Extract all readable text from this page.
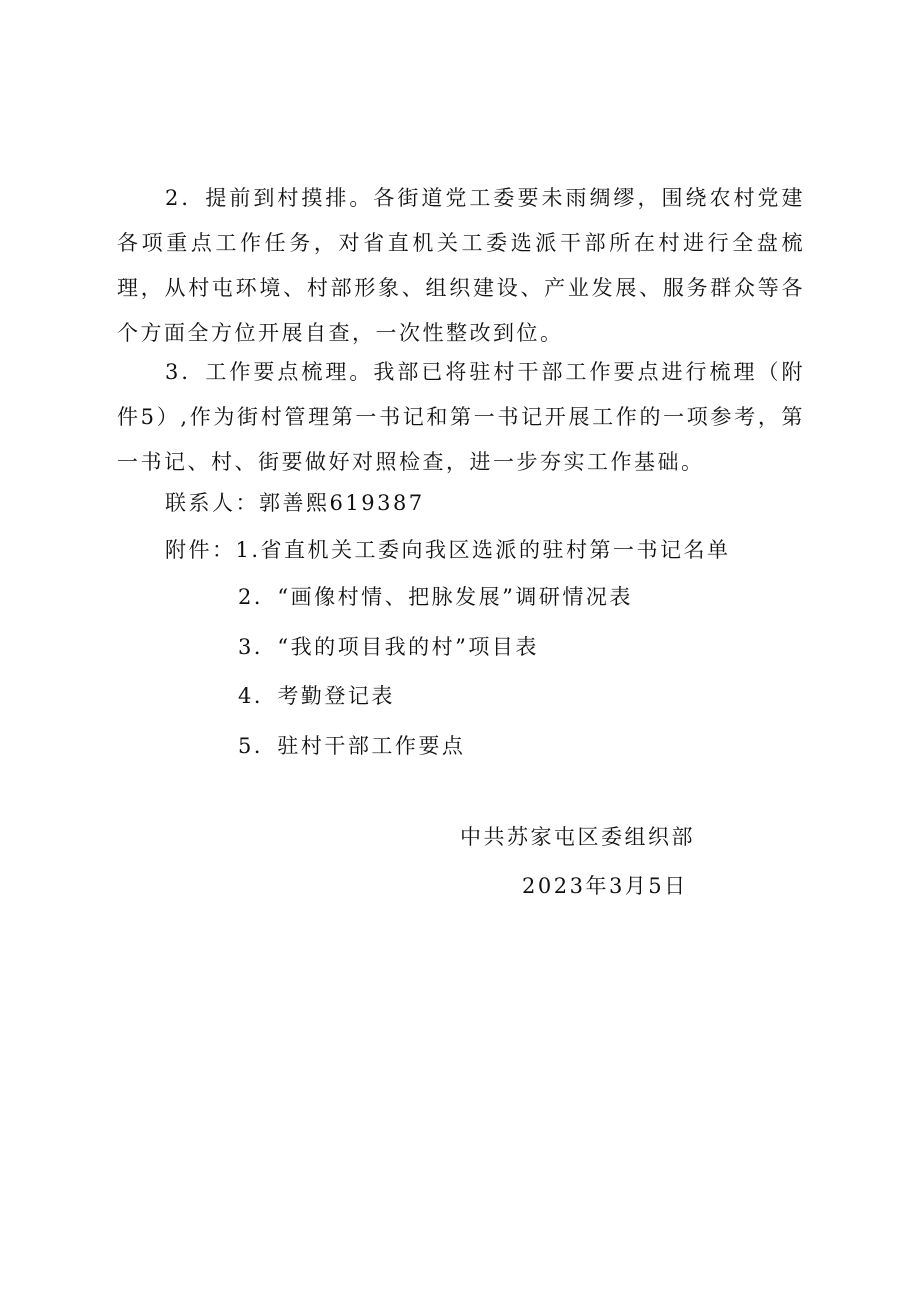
2．提前到村摸排。各街道党工委要未雨绸缪，围绕农村党建各项重点工作任务，对省直机关工委选派干部所在村进行全盘梳理，从村屯环境、村部形象、组织建设、产业发展、服务群众等各个方面全方位开展自查，一次性整改到位。

3．工作要点梳理。我部已将驻村干部工作要点进行梳理（附件5）,作为街村管理第一书记和第一书记开展工作的一项参考，第一书记、村、街要做好对照检查，进一步夯实工作基础。

联系人：郭善熙619387
附件：1.省直机关工委向我区选派的驻村第一书记名单
2．“画像村情、把脉发展”调研情况表
3．“我的项目我的村”项目表
4．考勤登记表
5．驻村干部工作要点
中共苏家屯区委组织部
2023年3月5日
